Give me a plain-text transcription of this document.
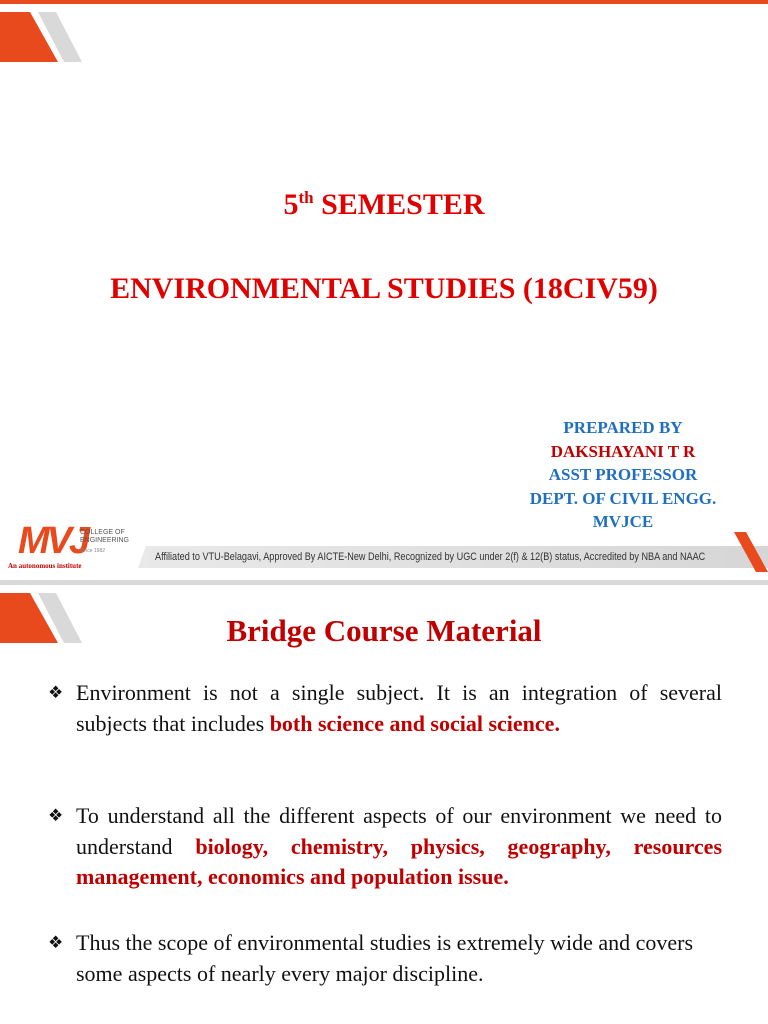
5th SEMESTER
ENVIRONMENTAL STUDIES (18CIV59)
PREPARED BY
DAKSHAYANI T R
ASST PROFESSOR
DEPT. OF CIVIL ENGG.
MVJCE
MVJ
COLLEGE OF
ENGINEERING
Since 1982
An autonomous institute
Affiliated to VTU-Belagavi, Approved By AICTE-New Delhi, Recognized by UGC under 2(f) & 12(B) status, Accredited by NBA and NAAC
Bridge Course Material
❖ Environment is not a single subject. It is an integration of several subjects that includes both science and social science.
❖ To understand all the different aspects of our environment we need to understand biology, chemistry, physics, geography, resources management, economics and population issue.
❖ Thus the scope of environmental studies is extremely wide and covers some aspects of nearly every major discipline.
